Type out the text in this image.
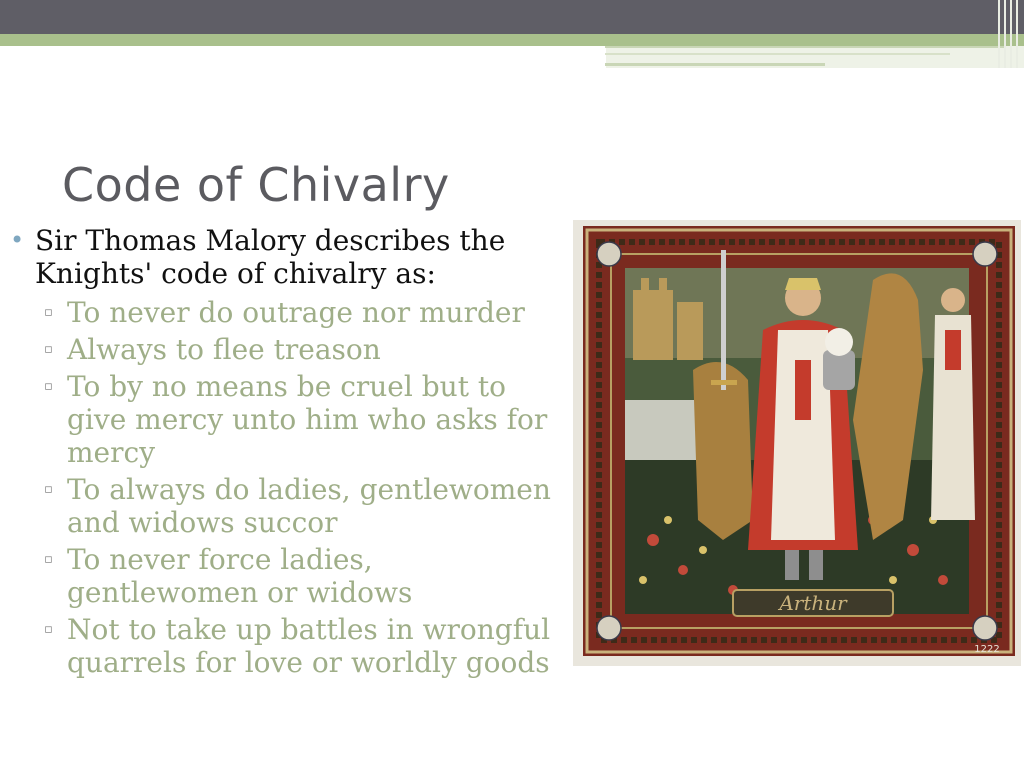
Code of Chivalry
• Sir Thomas Malory describes the Knights' code of chivalry as:
▫ To never do outrage nor murder
▫ Always to flee treason
▫ To by no means be cruel but to give mercy unto him who asks for mercy
▫ To always do ladies, gentlewomen and widows succor
▫ To never force ladies, gentlewomen or widows
▫ Not to take up battles in wrongful quarrels for love or worldly goods
Arthur
1222
